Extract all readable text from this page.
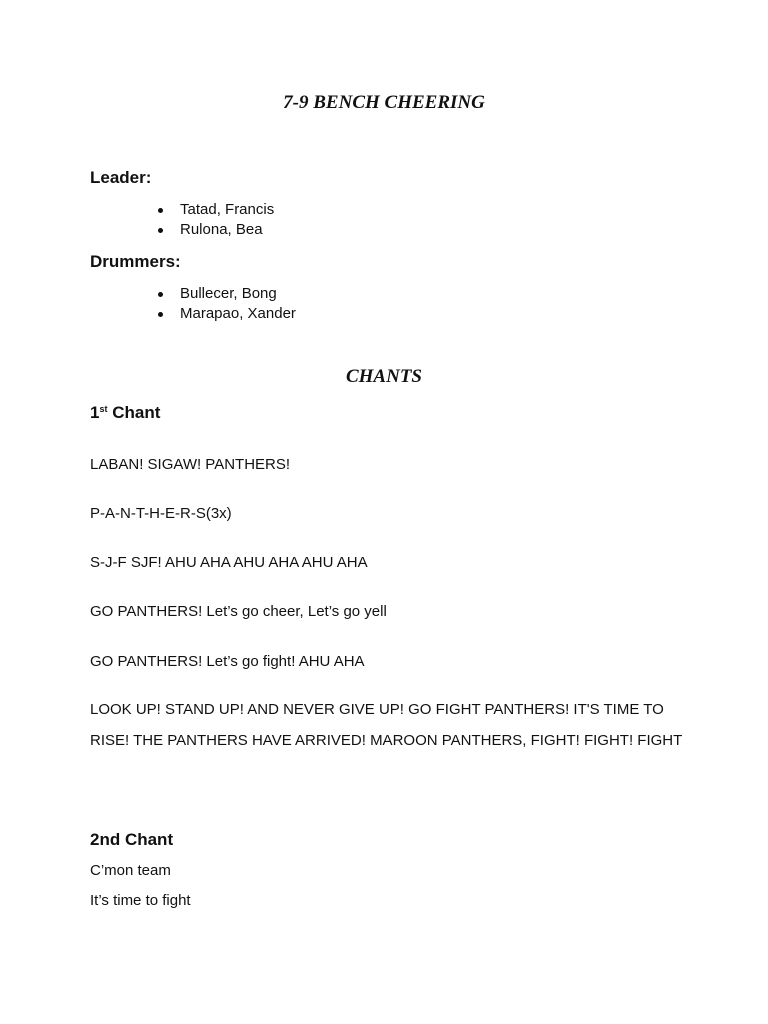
7-9 BENCH CHEERING
Leader:
Tatad, Francis
Rulona, Bea
Drummers:
Bullecer, Bong
Marapao, Xander
CHANTS
1st Chant

LABAN! SIGAW! PANTHERS!

P-A-N-T-H-E-R-S(3x)

S-J-F SJF! AHU AHA AHU AHA AHU AHA

GO PANTHERS! Let’s go cheer, Let’s go yell

GO PANTHERS! Let’s go fight! AHU AHA

LOOK UP! STAND UP! AND NEVER GIVE UP! GO FIGHT PANTHERS! IT'S TIME TO RISE! THE PANTHERS HAVE ARRIVED! MAROON PANTHERS, FIGHT! FIGHT! FIGHT

2nd Chant

C’mon team

It’s time to fight
